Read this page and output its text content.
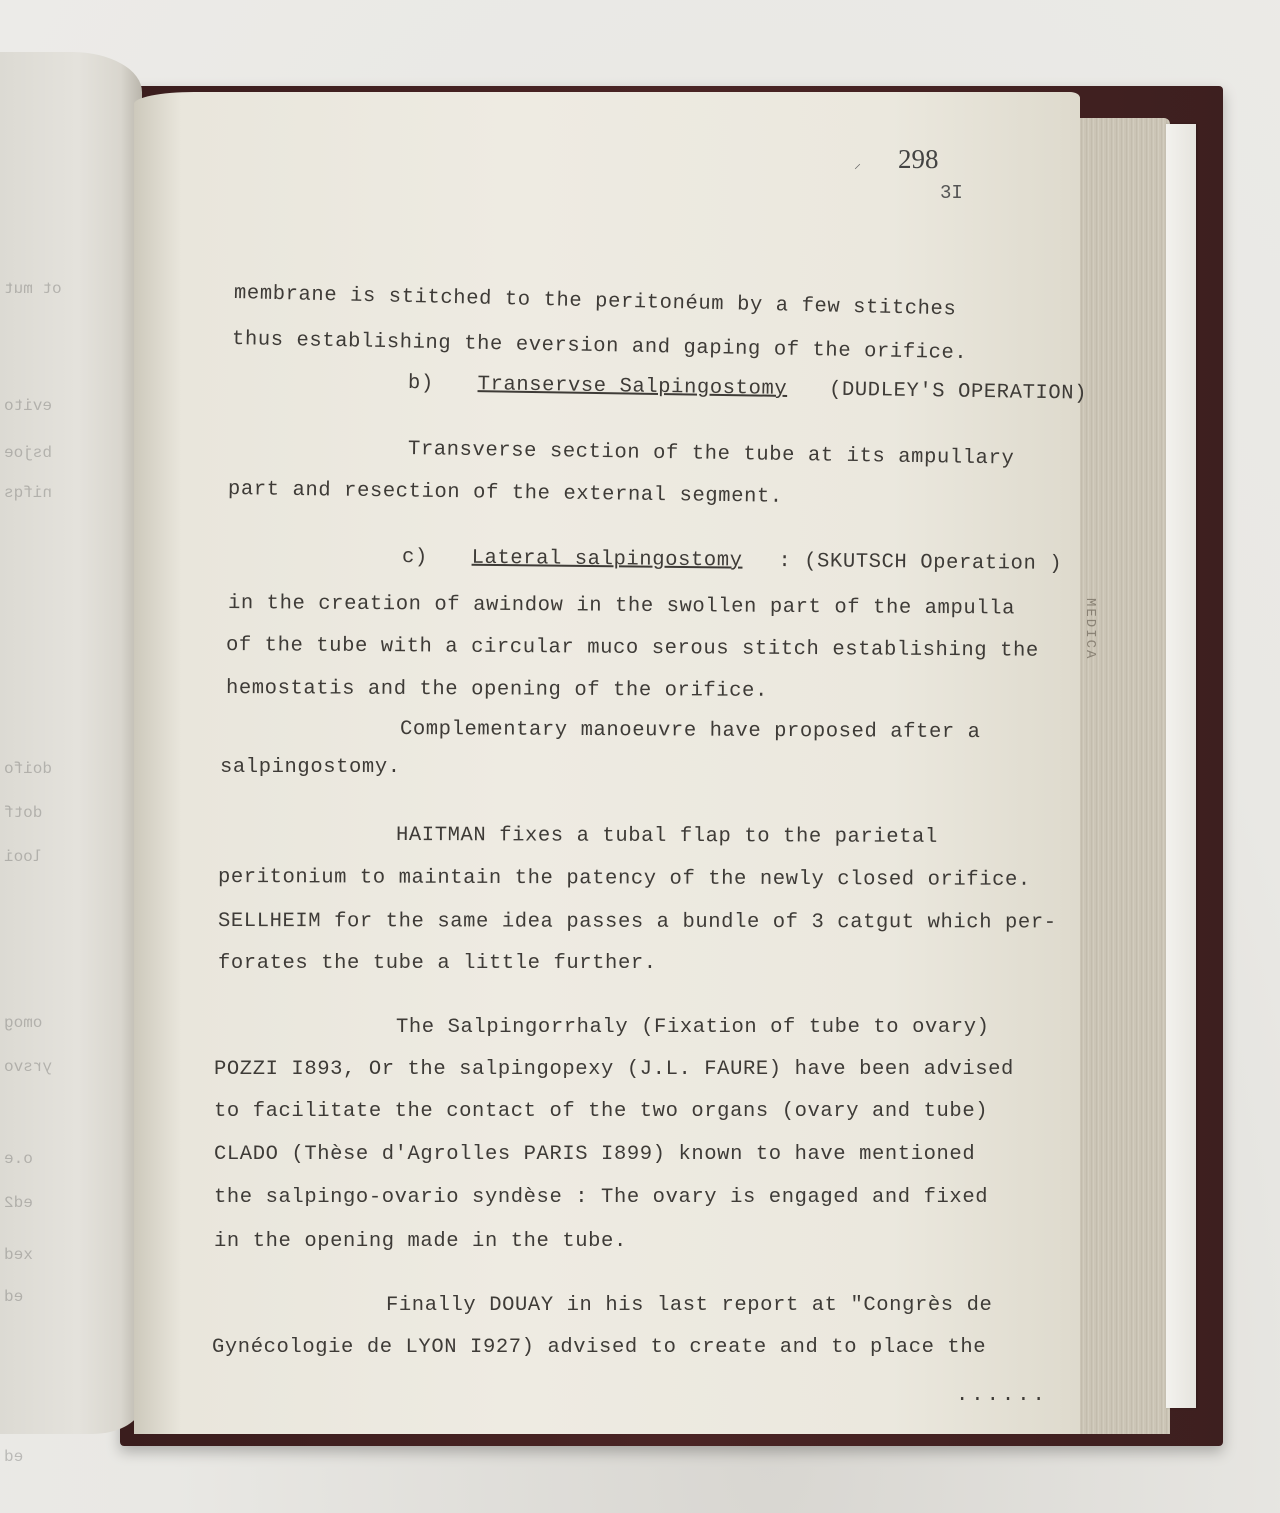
ot mut
evito
bsjoe
nifqs
doifo
dotf
looi
omog
yrsvo
o.e
ed2
xed
ed
ed
MEDICA
⸝ 298
3I
membrane is stitched to the peritonéum by a few stitches
thus establishing the eversion and gaping of the orifice.
b) Transervse Salpingostomy (DUDLEY'S OPERATION)
Transverse section of the tube at its ampullary
part and resection of the external segment.
c) Lateral salpingostomy : (SKUTSCH Operation )
in the creation of awindow in the swollen part of the ampulla
of the tube with a circular muco serous stitch establishing the
hemostatis and the opening of the orifice.
Complementary manoeuvre have proposed after a
salpingostomy.
HAITMAN fixes a tubal flap to the parietal
peritonium to maintain the patency of the newly closed orifice.
SELLHEIM for the same idea passes a bundle of 3 catgut which per-
forates the tube a little further.
The Salpingorrhaly (Fixation of tube to ovary)
POZZI I893, Or the salpingopexy (J.L. FAURE) have been advised
to facilitate the contact of the two organs (ovary and tube)
CLADO (Thèse d'Agrolles PARIS I899) known to have mentioned
the salpingo-ovario syndèse : The ovary is engaged and fixed
in the opening made in the tube.
Finally DOUAY in his last report at "Congrès de
Gynécologie de LYON I927) advised to create and to place the
......
